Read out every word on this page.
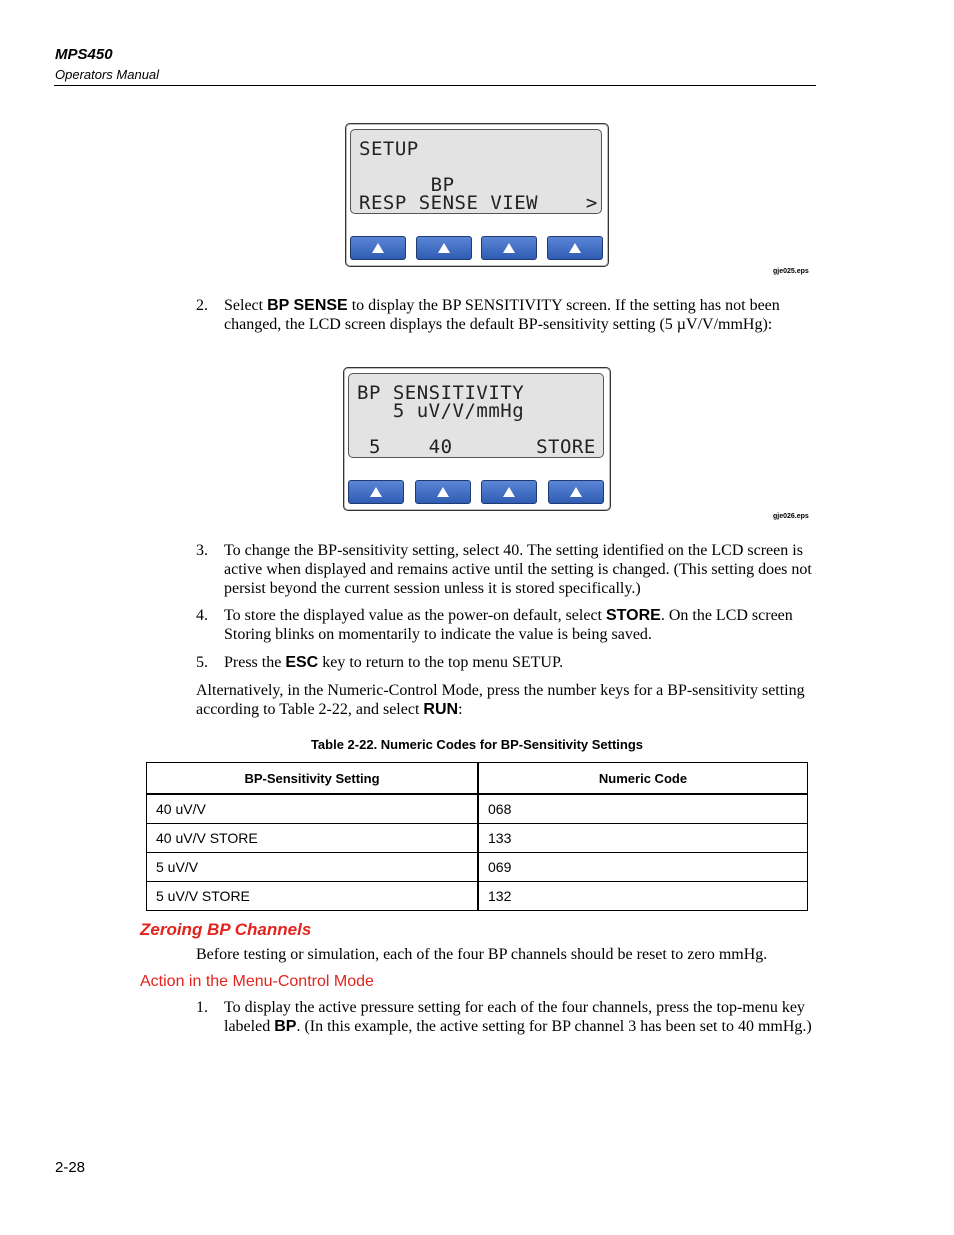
MPS450
Operators Manual
SETUP
BP
RESP SENSE VIEW    >
gje025.eps
2. Select BP SENSE to display the BP SENSITIVITY screen. If the setting has not been changed, the LCD screen displays the default BP-sensitivity setting (5 µV/V/mmHg):
BP SENSITIVITY
5 uV/V/mmHg
5    40       STORE
gje026.eps
3. To change the BP-sensitivity setting, select 40. The setting identified on the LCD screen is active when displayed and remains active until the setting is changed. (This setting does not persist beyond the current session unless it is stored specifically.)
4. To store the displayed value as the power-on default, select STORE. On the LCD screen Storing blinks on momentarily to indicate the value is being saved.
5. Press the ESC key to return to the top menu SETUP.
Alternatively, in the Numeric-Control Mode, press the number keys for a BP-sensitivity setting according to Table 2-22, and select RUN:
Table 2-22. Numeric Codes for BP-Sensitivity Settings
BP-Sensitivity Setting	Numeric Code
40 uV/V	068
40 uV/V STORE	133
5 uV/V	069
5 uV/V STORE	132
Zeroing BP Channels
Before testing or simulation, each of the four BP channels should be reset to zero mmHg.
Action in the Menu-Control Mode
1. To display the active pressure setting for each of the four channels, press the top-menu key labeled BP. (In this example, the active setting for BP channel 3 has been set to 40 mmHg.)
2-28
